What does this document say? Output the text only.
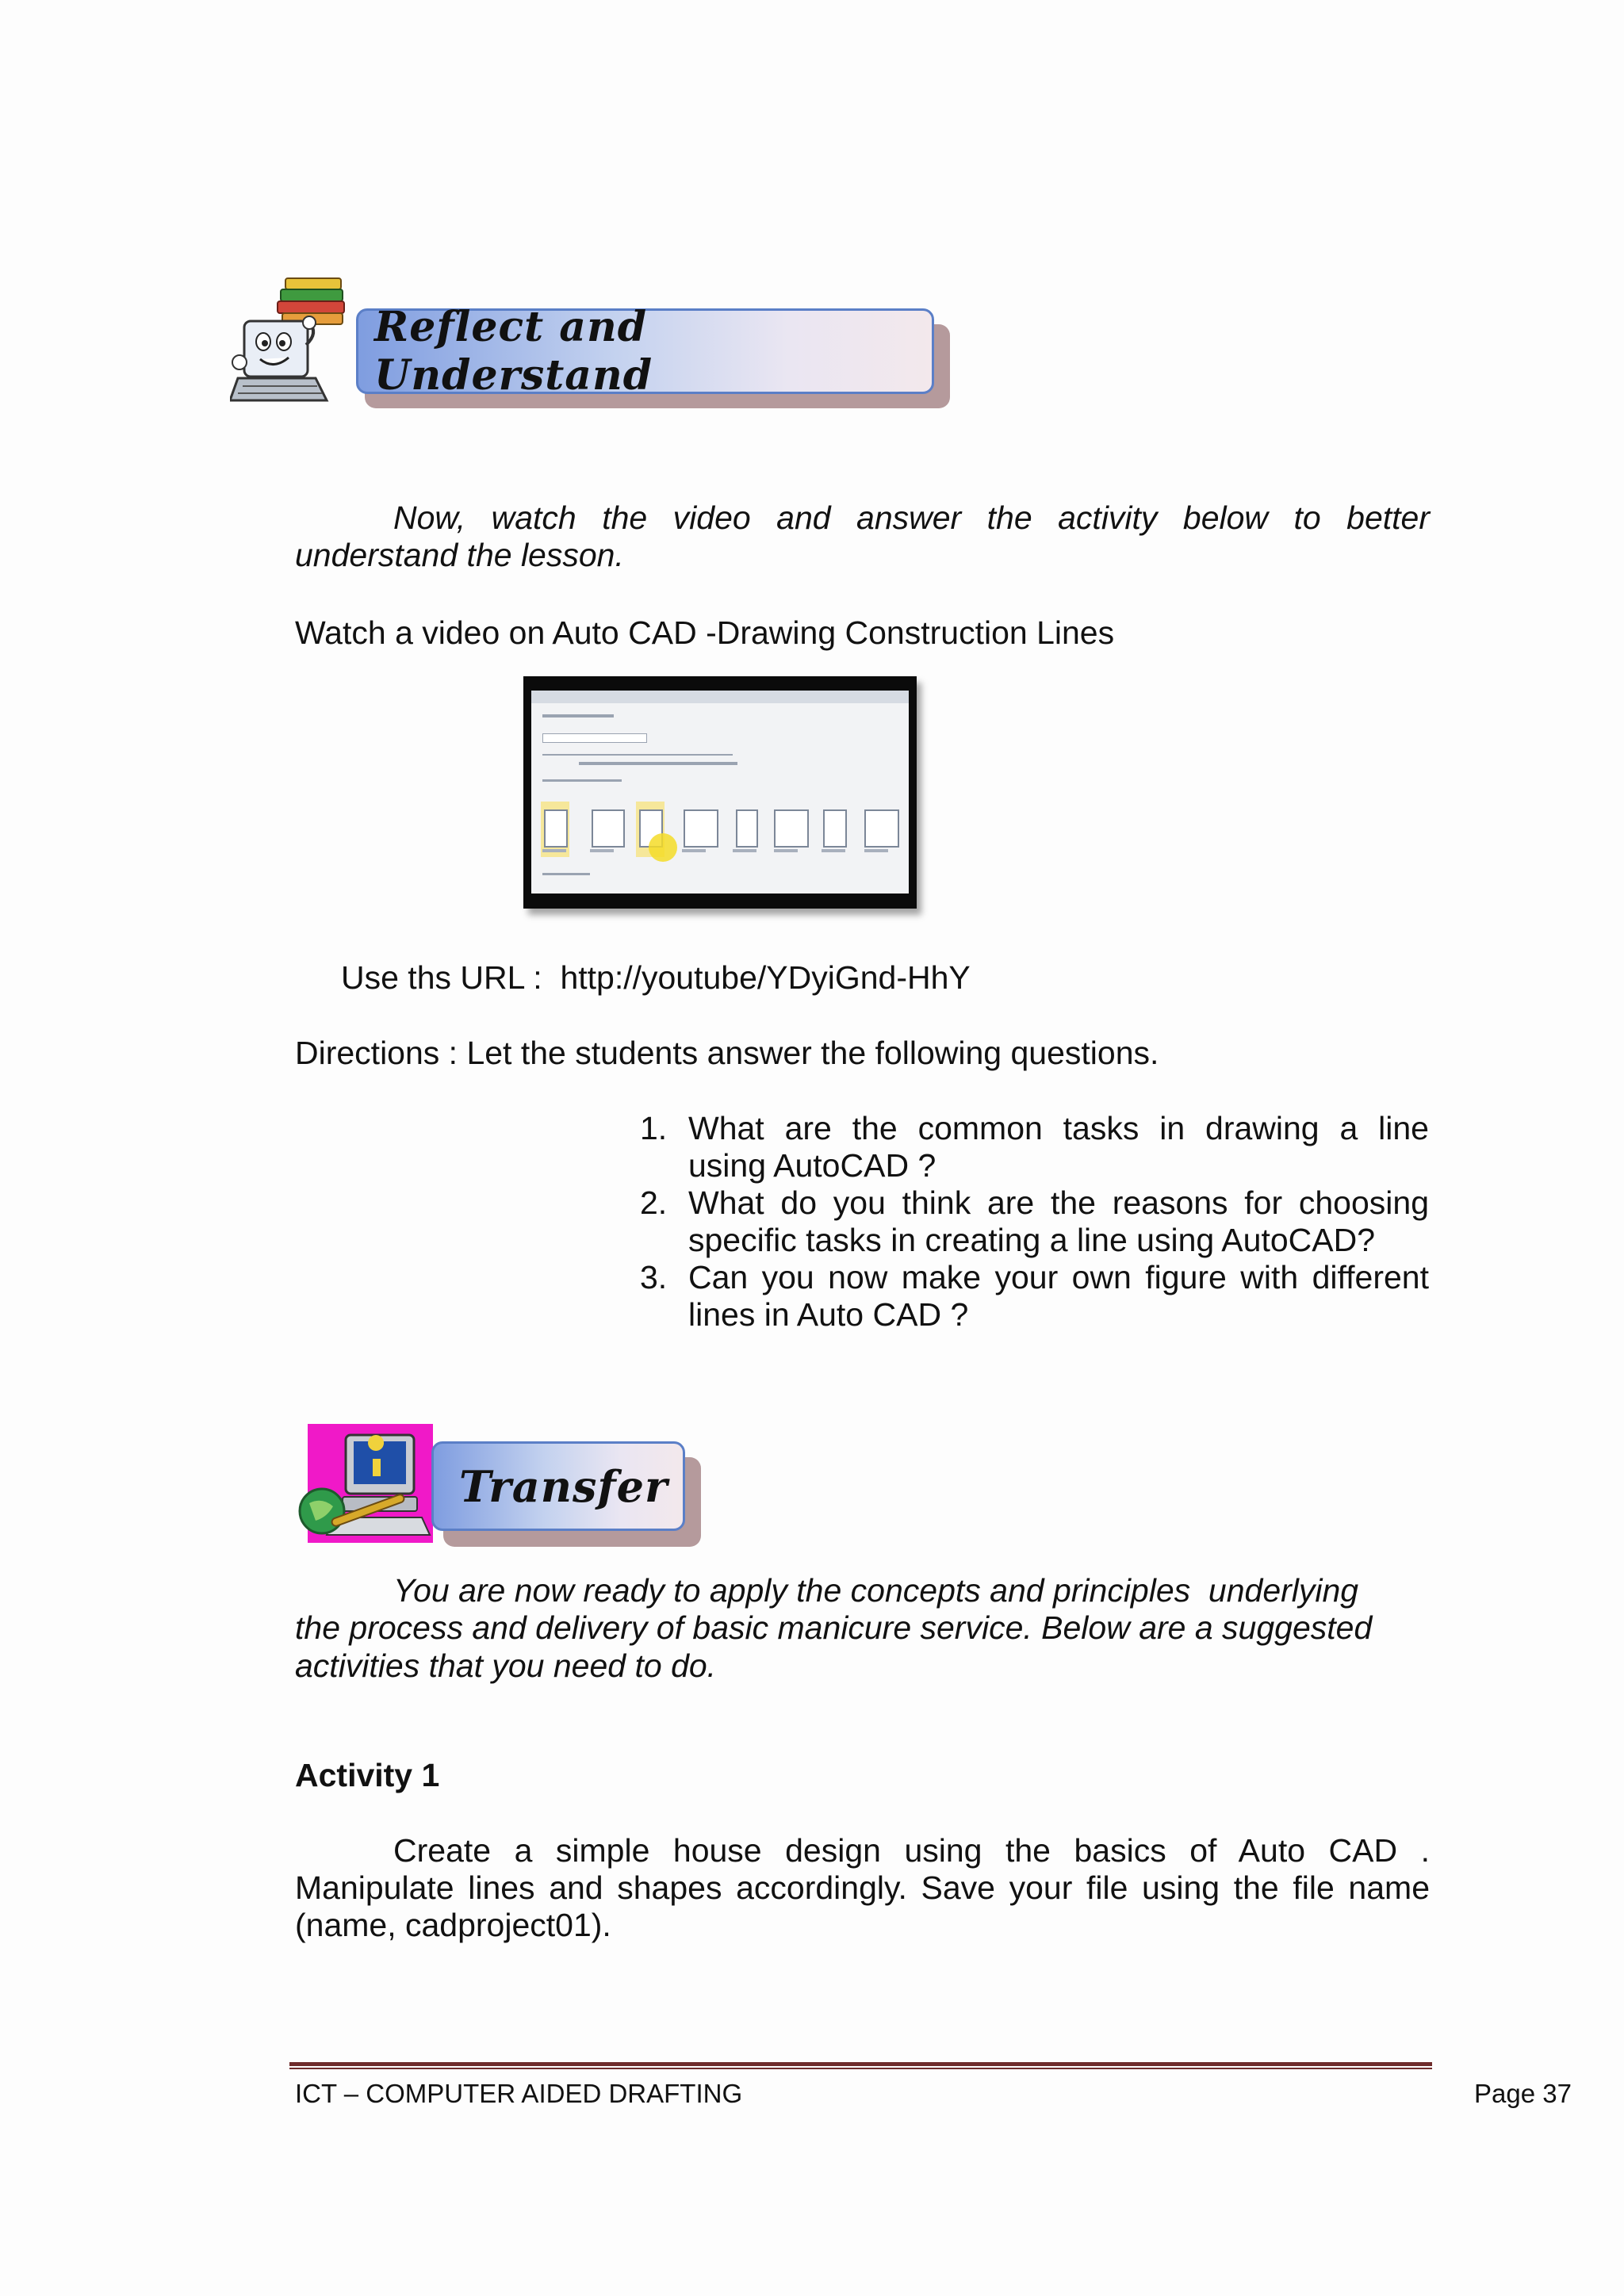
Reflect and Understand
Now, watch the video and answer the activity below to better
understand the lesson.
Watch a video on Auto CAD -Drawing Construction Lines
Use ths URL :  http://youtube/YDyiGnd-HhY
Directions : Let the students answer the following questions.
1. What are the common tasks in drawing a line
using AutoCAD ?
2. What do you think are the reasons for choosing
specific tasks in creating a line using AutoCAD?
3. Can you now make your own figure with different
lines in Auto CAD ?
Transfer
You are now ready to apply the concepts and principles  underlying
the process and delivery of basic manicure service. Below are a suggested
activities that you need to do.
Activity 1
Create a simple house design using the basics of Auto CAD .
Manipulate lines and shapes accordingly. Save your file using the file name
(name, cadproject01).
ICT – COMPUTER AIDED DRAFTING	Page 37
